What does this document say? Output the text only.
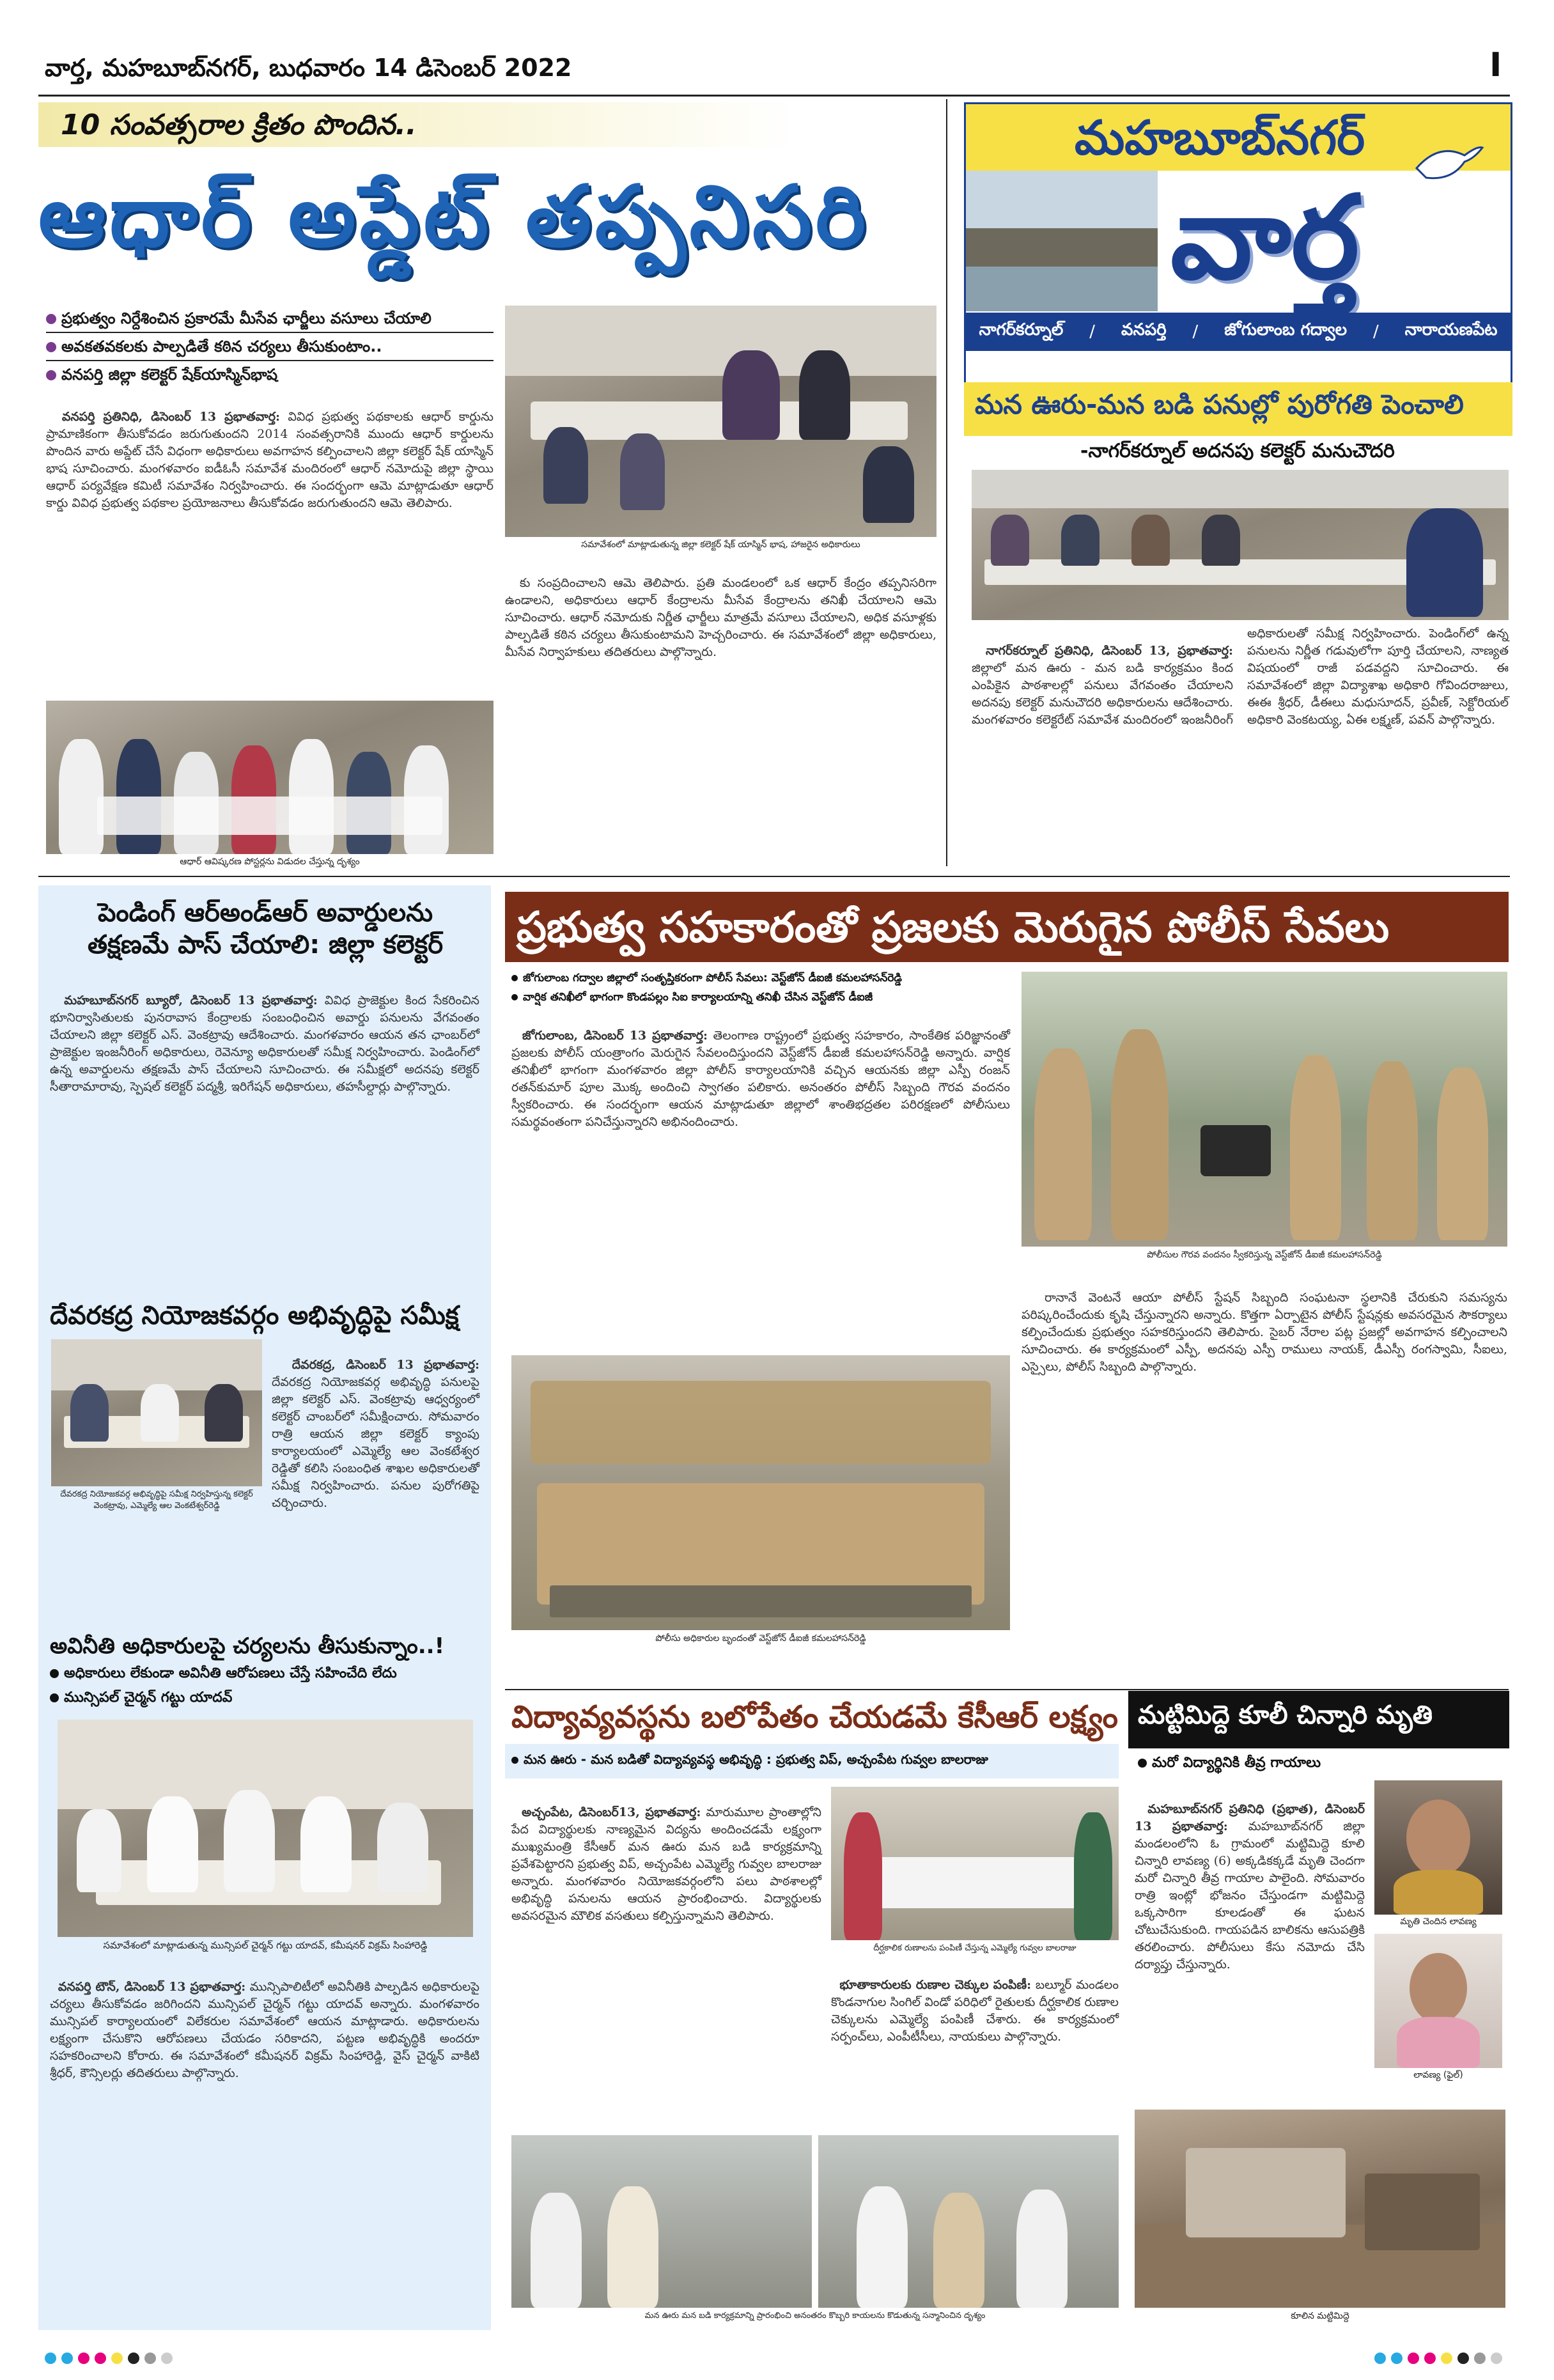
వార్త, మహబూబ్‌నగర్, బుధవారం 14 డిసెంబర్ 2022	I
10 సంవత్సరాల క్రితం పొందిన..
ఆధార్ అప్డేట్ తప్పనిసరి
ప్రభుత్వం నిర్దేశించిన ప్రకారమే మీసేవ ఛార్జీలు వసూలు చేయాలి
అవకతవకలకు పాల్పడితే కఠిన చర్యలు తీసుకుంటాం..
వనపర్తి జిల్లా కలెక్టర్ షేక్‌యాస్మిన్‌భాష

వనపర్తి ప్రతినిధి, డిసెంబర్ 13 ప్రభాతవార్త: వివిధ ప్రభుత్వ పథకాలకు ఆధార్ కార్డును ప్రామాణికంగా తీసుకోవడం జరుగుతుందని 2014 సంవత్సరానికి ముందు ఆధార్ కార్డులను పొందిన వారు అప్డేట్ చేసే విధంగా అధికారులు అవగాహన కల్పించాలని జిల్లా కలెక్టర్ షేక్ యాస్మిన్ భాష సూచించారు. మంగళవారం ఐడీఓసీ సమావేశ మందిరంలో ఆధార్ నమోదుపై జిల్లా స్థాయి ఆధార్ పర్యవేక్షణ కమిటీ సమావేశం నిర్వహించారు. ఈ సందర్భంగా ఆమె మాట్లాడుతూ ఆధార్ కార్డు వివిధ ప్రభుత్వ పథకాల ప్రయోజనాలు తీసుకోవడం జరుగుతుందని ఆమె తెలిపారు.

సమావేశంలో మాట్లాడుతున్న జిల్లా కలెక్టర్ షేక్ యాస్మిన్ భాష, హాజరైన అధికారులు

కు సంప్రదించాలని ఆమె తెలిపారు. ప్రతి మండలంలో ఒక ఆధార్ కేంద్రం తప్పనిసరిగా ఉండాలని, అధికారులు ఆధార్ కేంద్రాలను మీసేవ కేంద్రాలను తనిఖీ చేయాలని ఆమె సూచించారు. ఆధార్ నమోదుకు నిర్ణీత ఛార్జీలు మాత్రమే వసూలు చేయాలని, అధిక వసూళ్లకు పాల్పడితే కఠిన చర్యలు తీసుకుంటామని హెచ్చరించారు. ఈ సమావేశంలో జిల్లా అధికారులు, మీసేవ నిర్వాహకులు తదితరులు పాల్గొన్నారు.

ఆధార్ ఆవిష్కరణ పోస్టర్లను విడుదల చేస్తున్న దృశ్యం
మహబూబ్‌నగర్
వార్త
నాగర్‌కర్నూల్ / వనపర్తి / జోగులాంబ గద్వాల / నారాయణపేట
మన ఊరు-మన బడి పనుల్లో పురోగతి పెంచాలి
-నాగర్‌కర్నూల్ అదనపు కలెక్టర్ మనుచౌదరి

నాగర్‌కర్నూల్ ప్రతినిధి, డిసెంబర్ 13, ప్రభాతవార్త: జిల్లాలో మన ఊరు - మన బడి కార్యక్రమం కింద ఎంపికైన పాఠశాలల్లో పనులు వేగవంతం చేయాలని అదనపు కలెక్టర్ మనుచౌదరి అధికారులను ఆదేశించారు. మంగళవారం కలెక్టరేట్ సమావేశ మందిరంలో ఇంజనీరింగ్ అధికారులతో సమీక్ష నిర్వహించారు. పెండింగ్‌లో ఉన్న పనులను నిర్ణీత గడువులోగా పూర్తి చేయాలని, నాణ్యత విషయంలో రాజీ పడవద్దని సూచించారు. ఈ సమావేశంలో జిల్లా విద్యాశాఖ అధికారి గోవిందరాజులు, ఈఈ శ్రీధర్, డీఈలు మధుసూదన్, ప్రవీణ్, సెక్టోరియల్ అధికారి వెంకటయ్య, ఏఈ లక్ష్మణ్, పవన్ పాల్గొన్నారు.

పెండింగ్ ఆర్అండ్ఆర్ అవార్డులను
తక్షణమే పాస్ చేయాలి: జిల్లా కలెక్టర్

మహబూబ్‌నగర్ బ్యూరో, డిసెంబర్ 13 ప్రభాతవార్త: వివిధ ప్రాజెక్టుల కింద సేకరించిన భూనిర్వాసితులకు పునరావాస కేంద్రాలకు సంబంధించిన అవార్డు పనులను వేగవంతం చేయాలని జిల్లా కలెక్టర్ ఎస్. వెంకట్రావు ఆదేశించారు. మంగళవారం ఆయన తన ఛాంబర్‌లో ప్రాజెక్టుల ఇంజనీరింగ్ అధికారులు, రెవెన్యూ అధికారులతో సమీక్ష నిర్వహించారు. పెండింగ్‌లో ఉన్న అవార్డులను తక్షణమే పాస్ చేయాలని సూచించారు. ఈ సమీక్షలో అదనపు కలెక్టర్ సీతారామారావు, స్పెషల్ కలెక్టర్ పద్మశ్రీ, ఇరిగేషన్ అధికారులు, తహసీల్దార్లు పాల్గొన్నారు.

దేవరకద్ర నియోజకవర్గం అభివృద్ధిపై సమీక్ష
దేవరకద్ర నియోజకవర్గ అభివృద్ధిపై సమీక్ష నిర్వహిస్తున్న కలెక్టర్ వెంకట్రావు, ఎమ్మెల్యే ఆల వెంకటేశ్వర్‌రెడ్డి

దేవరకద్ర, డిసెంబర్ 13 ప్రభాతవార్త: దేవరకద్ర నియోజకవర్గ అభివృద్ధి పనులపై జిల్లా కలెక్టర్ ఎస్. వెంకట్రావు ఆధ్వర్యంలో కలెక్టర్ చాంబర్‌లో సమీక్షించారు. సోమవారం రాత్రి ఆయన జిల్లా కలెక్టర్ క్యాంపు కార్యాలయంలో ఎమ్మెల్యే ఆల వెంకటేశ్వర రెడ్డితో కలిసి సంబంధిత శాఖల అధికారులతో సమీక్ష నిర్వహించారు. పనుల పురోగతిపై చర్చించారు.

అవినీతి అధికారులపై చర్యలను తీసుకున్నాం..!
అధికారులు లేకుండా అవినీతి ఆరోపణలు చేస్తే సహించేది లేదు
మున్సిపల్ చైర్మన్ గట్టు యాదవ్
సమావేశంలో మాట్లాడుతున్న మున్సిపల్ చైర్మన్ గట్టు యాదవ్, కమీషనర్ విక్రమ్ సింహారెడ్డి

వనపర్తి టౌన్, డిసెంబర్ 13 ప్రభాతవార్త: మున్సిపాలిటీలో అవినీతికి పాల్పడిన అధికారులపై చర్యలు తీసుకోవడం జరిగిందని మున్సిపల్ చైర్మన్ గట్టు యాదవ్ అన్నారు. మంగళవారం మున్సిపల్ కార్యాలయంలో విలేకరుల సమావేశంలో ఆయన మాట్లాడారు. అధికారులను లక్ష్యంగా చేసుకొని ఆరోపణలు చేయడం సరికాదని, పట్టణ అభివృద్ధికి అందరూ సహకరించాలని కోరారు. ఈ సమావేశంలో కమీషనర్ విక్రమ్ సింహారెడ్డి, వైస్ చైర్మన్ వాకిటి శ్రీధర్, కౌన్సిలర్లు తదితరులు పాల్గొన్నారు.

ప్రభుత్వ సహకారంతో ప్రజలకు మెరుగైన పోలీస్ సేవలు
జోగులాంబ గద్వాల జిల్లాలో సంతృప్తికరంగా పోలీస్ సేవలు: వెస్ట్‌జోన్ డీఐజీ కమలహాసన్‌రెడ్డి
వార్షిక తనిఖీలో భాగంగా కొండపల్లం సిఐ కార్యాలయాన్ని తనిఖీ చేసిన వెస్ట్‌జోన్ డీఐజీ

జోగులాంబ, డిసెంబర్ 13 ప్రభాతవార్త: తెలంగాణ రాష్ట్రంలో ప్రభుత్వ సహకారం, సాంకేతిక పరిజ్ఞానంతో ప్రజలకు పోలీస్ యంత్రాంగం మెరుగైన సేవలందిస్తుందని వెస్ట్‌జోన్ డీఐజీ కమలహాసన్‌రెడ్డి అన్నారు. వార్షిక తనిఖీలో భాగంగా మంగళవారం జిల్లా పోలీస్ కార్యాలయానికి వచ్చిన ఆయనకు జిల్లా ఎస్పీ రంజన్ రతన్‌కుమార్ పూల మొక్క అందించి స్వాగతం పలికారు. అనంతరం పోలీస్ సిబ్బంది గౌరవ వందనం స్వీకరించారు. ఈ సందర్భంగా ఆయన మాట్లాడుతూ జిల్లాలో శాంతిభద్రతల పరిరక్షణలో పోలీసులు సమర్థవంతంగా పనిచేస్తున్నారని అభినందించారు.

పోలీసుల గౌరవ వందనం స్వీకరిస్తున్న వెస్ట్‌జోన్ డీఐజీ కమలహాసన్‌రెడ్డి

రానానే వెంటనే ఆయా పోలీస్ స్టేషన్ సిబ్బంది సంఘటనా స్థలానికి చేరుకుని సమస్యను పరిష్కరించేందుకు కృషి చేస్తున్నారని అన్నారు. కొత్తగా ఏర్పాటైన పోలీస్ స్టేషన్లకు అవసరమైన సౌకర్యాలు కల్పించేందుకు ప్రభుత్వం సహకరిస్తుందని తెలిపారు. సైబర్ నేరాల పట్ల ప్రజల్లో అవగాహన కల్పించాలని సూచించారు. ఈ కార్యక్రమంలో ఎస్పీ, అదనపు ఎస్పీ రాములు నాయక్, డీఎస్పీ రంగస్వామి, సీఐలు, ఎస్సైలు, పోలీస్ సిబ్బంది పాల్గొన్నారు.

పోలీసు అధికారుల బృందంతో వెస్ట్‌జోన్ డీఐజీ కమలహాసన్‌రెడ్డి
విద్యావ్యవస్థను బలోపేతం చేయడమే కేసీఆర్ లక్ష్యం
మన ఊరు - మన బడితో విద్యావ్యవస్థ అభివృద్ధి : ప్రభుత్వ విప్, అచ్చంపేట గువ్వల బాలరాజు

అచ్చంపేట, డిసెంబర్13, ప్రభాతవార్త: మారుమూల ప్రాంతాల్లోని పేద విద్యార్థులకు నాణ్యమైన విద్యను అందించడమే లక్ష్యంగా ముఖ్యమంత్రి కేసీఆర్ మన ఊరు మన బడి కార్యక్రమాన్ని ప్రవేశపెట్టారని ప్రభుత్వ విప్, అచ్చంపేట ఎమ్మెల్యే గువ్వల బాలరాజు అన్నారు. మంగళవారం నియోజకవర్గంలోని పలు పాఠశాలల్లో అభివృద్ధి పనులను ఆయన ప్రారంభించారు. విద్యార్థులకు అవసరమైన మౌలిక వసతులు కల్పిస్తున్నామని తెలిపారు.

దీర్ఘకాలిక రుణాలను పంపిణీ చేస్తున్న ఎమ్మెల్యే గువ్వల బాలరాజు

భూతాకారులకు రుణాల చెక్కుల పంపిణీ: బల్మూర్ మండలం కొండనాగుల సింగిల్ విండో పరిధిలో రైతులకు దీర్ఘకాలిక రుణాల చెక్కులను ఎమ్మెల్యే పంపిణీ చేశారు. ఈ కార్యక్రమంలో సర్పంచ్‌లు, ఎంపీటీసీలు, నాయకులు పాల్గొన్నారు.

మన ఊరు మన బడి కార్యక్రమాన్ని ప్రారంభించి అనంతరం కొబ్బరి కాయలను కొడుతున్న సన్మానించిన దృశ్యం
మట్టిమిద్దె కూలీ చిన్నారి మృతి
మరో విద్యార్థినికి తీవ్ర గాయాలు

మహబూబ్‌నగర్ ప్రతినిధి (ప్రభాత), డిసెంబర్ 13 ప్రభాతవార్త: మహబూబ్‌నగర్ జిల్లా మండలంలోని ఓ గ్రామంలో మట్టిమిద్దె కూలి చిన్నారి లావణ్య (6) అక్కడికక్కడే మృతి చెందగా మరో చిన్నారి తీవ్ర గాయాల పాలైంది. సోమవారం రాత్రి ఇంట్లో భోజనం చేస్తుండగా మట్టిమిద్దె ఒక్కసారిగా కూలడంతో ఈ ఘటన చోటుచేసుకుంది. గాయపడిన బాలికను ఆసుపత్రికి తరలించారు. పోలీసులు కేసు నమోదు చేసి దర్యాప్తు చేస్తున్నారు.

మృతి చెందిన లావణ్య
లావణ్య (ఫైల్)
కూలిన మట్టిమిద్దె
